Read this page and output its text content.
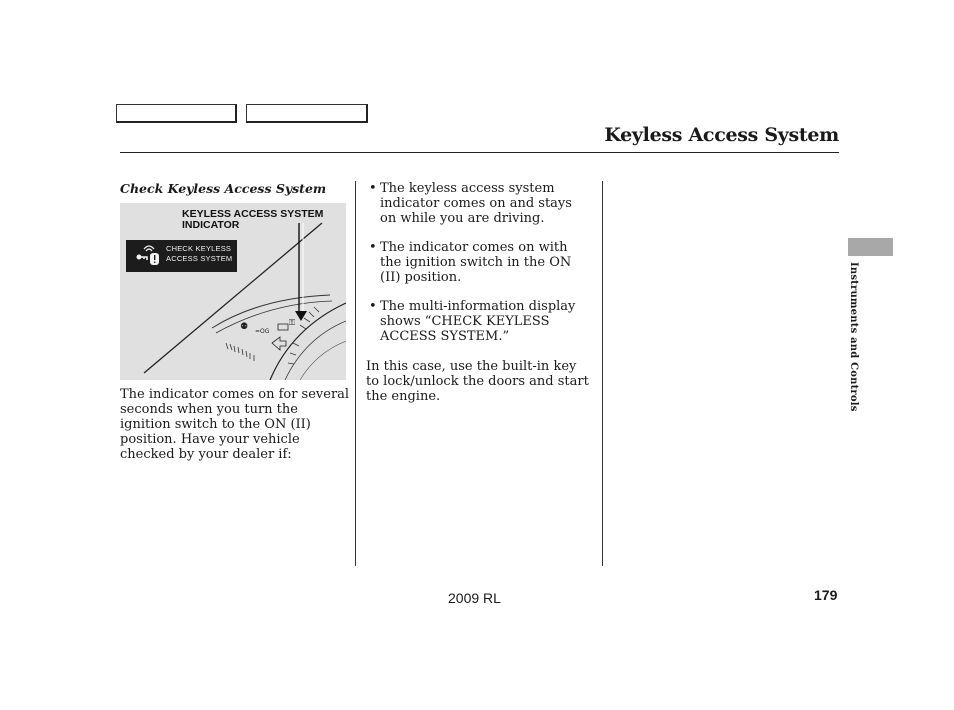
Keyless Access System
Check Keyless Access System
⚉ =OG
⚿
KEYLESS ACCESS SYSTEM
INDICATOR
CHECK KEYLESS
ACCESS SYSTEM
The indicator comes on for several seconds when you turn the ignition switch to the ON (II) position. Have your vehicle checked by your dealer if:
• The keyless access system indicator comes on and stays on while you are driving.
• The indicator comes on with the ignition switch in the ON (II) position.
• The multi-information display shows “CHECK KEYLESS ACCESS SYSTEM.”
In this case, use the built-in key to lock/unlock the doors and start the engine.	Instruments and Controls
2009 RL	179
